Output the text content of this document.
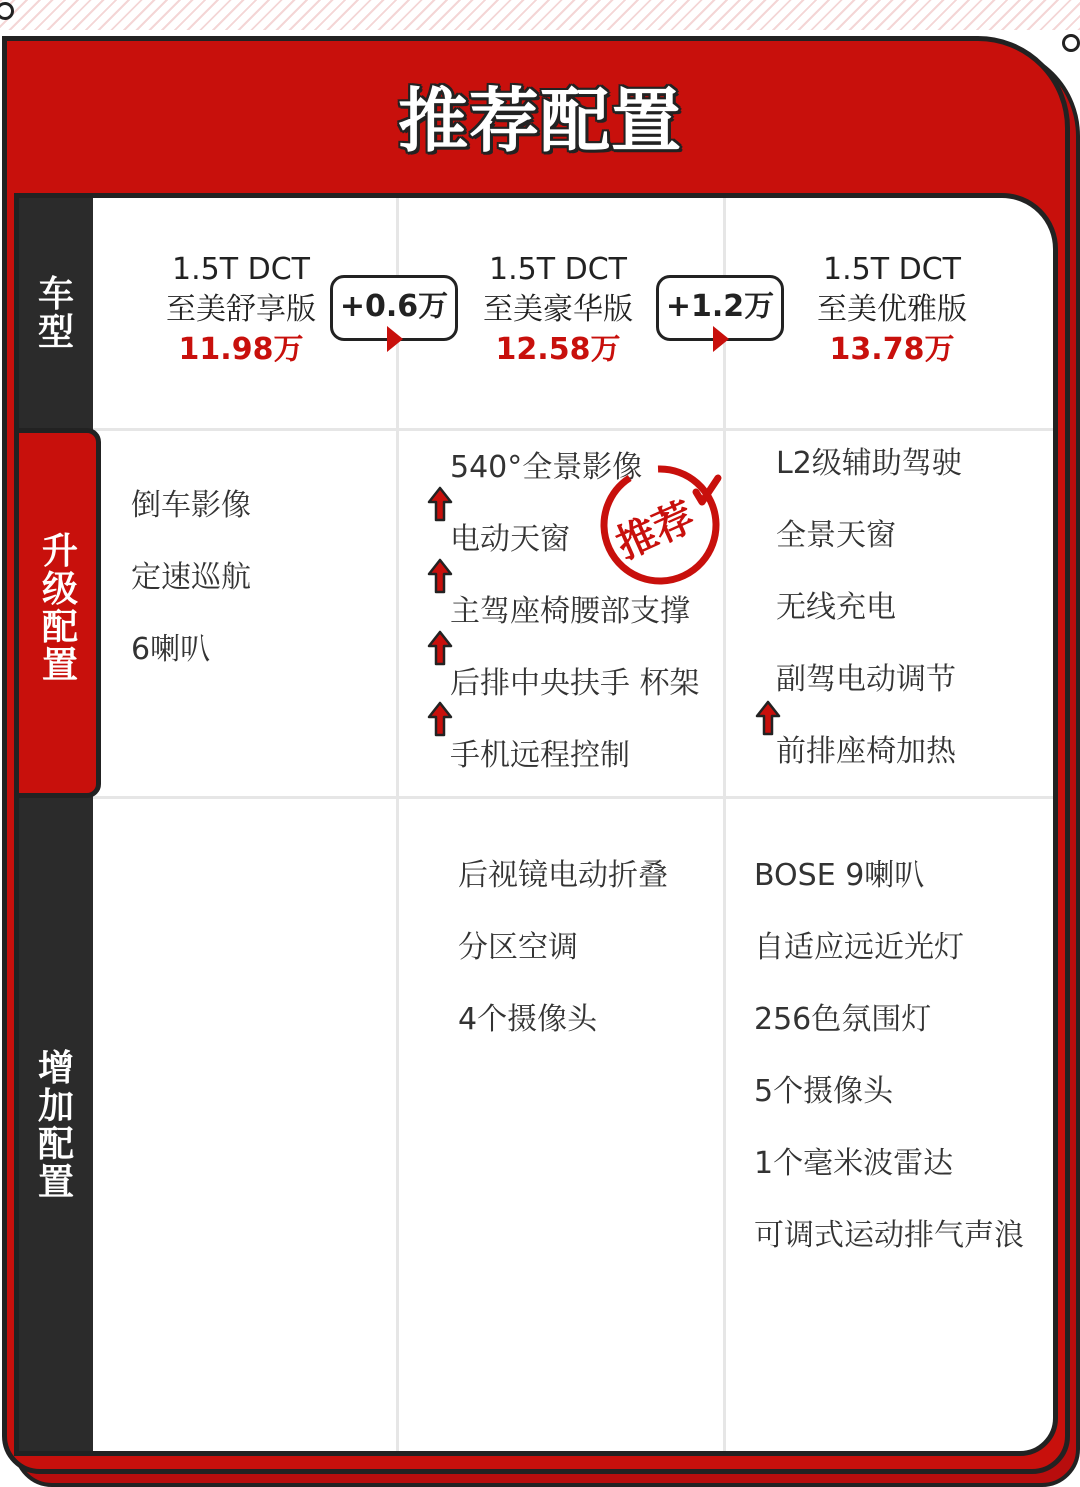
推荐配置
车型
升级配置
增加配置
1.5T DCT
至美舒享版
11.98万
1.5T DCT
至美豪华版
12.58万
1.5T DCT
至美优雅版
13.78万
+0.6万	+1.2万
倒车影像
定速巡航
6喇叭
540°全景影像
电动天窗
主驾座椅腰部支撑
后排中央扶手 杯架
手机远程控制
推荐
L2级辅助驾驶
全景天窗
无线充电
副驾电动调节
前排座椅加热
后视镜电动折叠
分区空调
4个摄像头
BOSE 9喇叭
自适应远近光灯
256色氛围灯
5个摄像头
1个毫米波雷达
可调式运动排气声浪
